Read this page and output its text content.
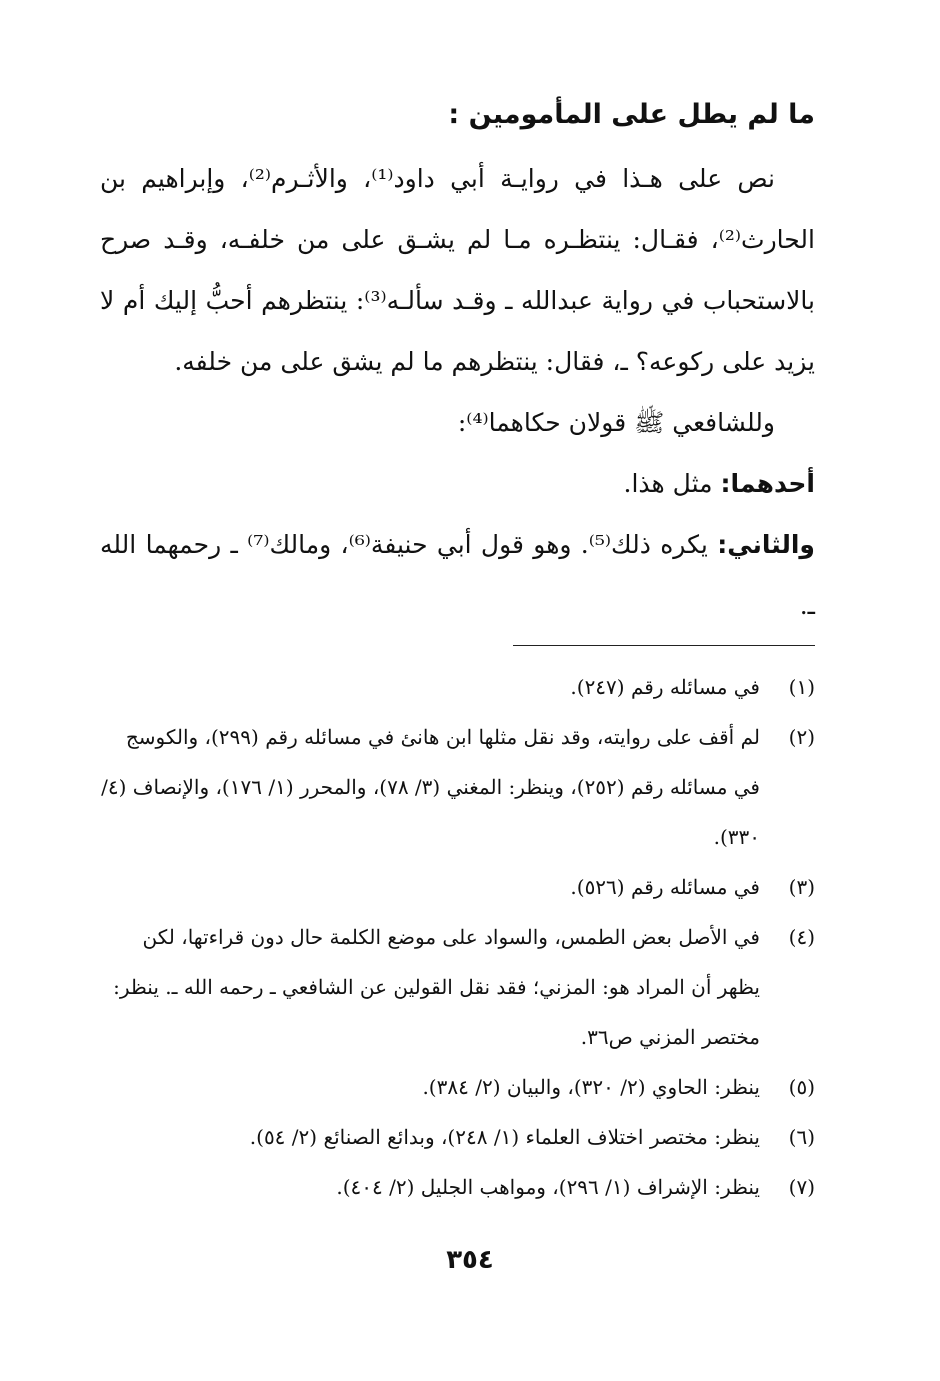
ما لم يطل على المأمومين :

نص على هـذا في روايـة أبي داود⁽¹⁾، والأثـرم⁽²⁾، وإبراهيم بن الحارث⁽²⁾، فقـال: ينتظـره مـا لم يشـق على من خلفـه، وقـد صرح بالاستحباب في رواية عبدالله ـ وقـد سألـه⁽³⁾: ينتظرهم أحبُّ إليك أم لا يزيد على ركوعه؟ ـ، فقال: ينتظرهم ما لم يشق على من خلفه.

وللشافعي ﷺ قولان حكاهما⁽⁴⁾:

أحدهما: مثل هذا.

والثاني: يكره ذلك⁽⁵⁾. وهو قول أبي حنيفة⁽⁶⁾، ومالك⁽⁷⁾ ـ رحمهما الله ـ.

(١)
في مسائله رقم (٢٤٧).
(٢)
لم أقف على روايته، وقد نقل مثلها ابن هانئ في مسائله رقم (٢٩٩)، والكوسج في مسائله رقم (٢٥٢)، وينظر: المغني (٣/ ٧٨)، والمحرر (١/ ١٧٦)، والإنصاف (٤/ ٣٣٠).
(٣)
في مسائله رقم (٥٢٦).
(٤)
في الأصل بعض الطمس، والسواد على موضع الكلمة حال دون قراءتها، لكن يظهر أن المراد هو: المزني؛ فقد نقل القولين عن الشافعي ـ رحمه الله ـ. ينظر: مختصر المزني ص٣٦.
(٥)
ينظر: الحاوي (٢/ ٣٢٠)، والبيان (٢/ ٣٨٤).
(٦)
ينظر: مختصر اختلاف العلماء (١/ ٢٤٨)، وبدائع الصنائع (٢/ ٥٤).
(٧)
ينظر: الإشراف (١/ ٢٩٦)، ومواهب الجليل (٢/ ٤٠٤).
٣٥٤
